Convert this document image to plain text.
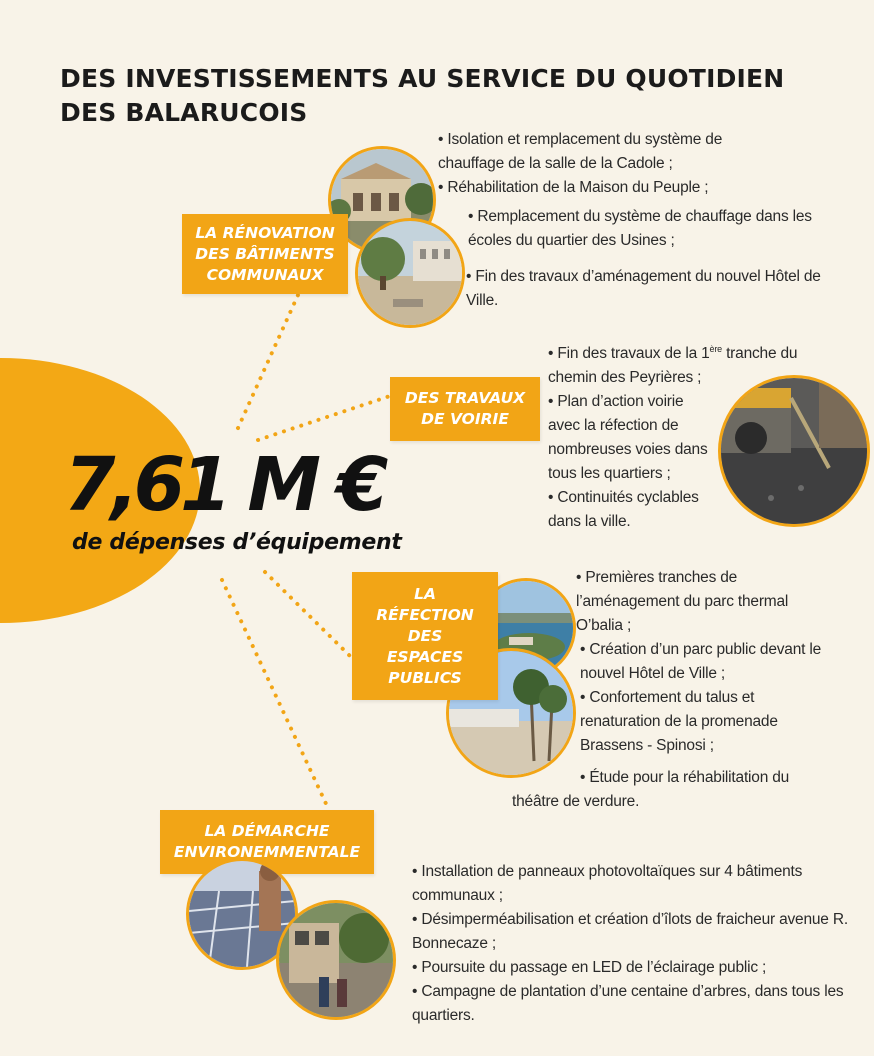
DES INVESTISSEMENTS AU SERVICE DU QUOTIDIEN
DES BALARUCOIS
7,61 M €
de dépenses d’équipement
LA RÉNOVATION
DES BÂTIMENTS
COMMUNAUX
• Isolation et remplacement du système de chauffage de la salle de la Cadole ;
• Réhabilitation de la Maison du Peuple ;
• Remplacement du système de chauffage dans les écoles du quartier des Usines ;
• Fin des travaux d’aménagement du nouvel Hôtel de Ville.
DES TRAVAUX
DE VOIRIE
• Fin des travaux de la 1ère tranche du chemin des Peyrières ;
• Plan d’action voirie avec la réfection de nombreuses voies dans tous les quartiers ;
• Continuités cyclables dans la ville.
LA
RÉFECTION
DES
ESPACES
PUBLICS
• Premières tranches de l’aménagement du parc thermal O’balia ;
• Création d’un parc public devant le nouvel Hôtel de Ville ;
• Confortement du talus et renaturation de la promenade Brassens - Spinosi ;
• Étude pour la réhabilitation du théâtre de verdure.
LA DÉMARCHE
ENVIRONEMMENTALE
• Installation de panneaux photovoltaïques sur 4 bâtiments communaux ;
• Désimperméabilisation et création d’îlots de fraicheur avenue R. Bonnecaze ;
• Poursuite du passage en LED de l’éclairage public ;
• Campagne de plantation d’une centaine d’arbres, dans tous les quartiers.
